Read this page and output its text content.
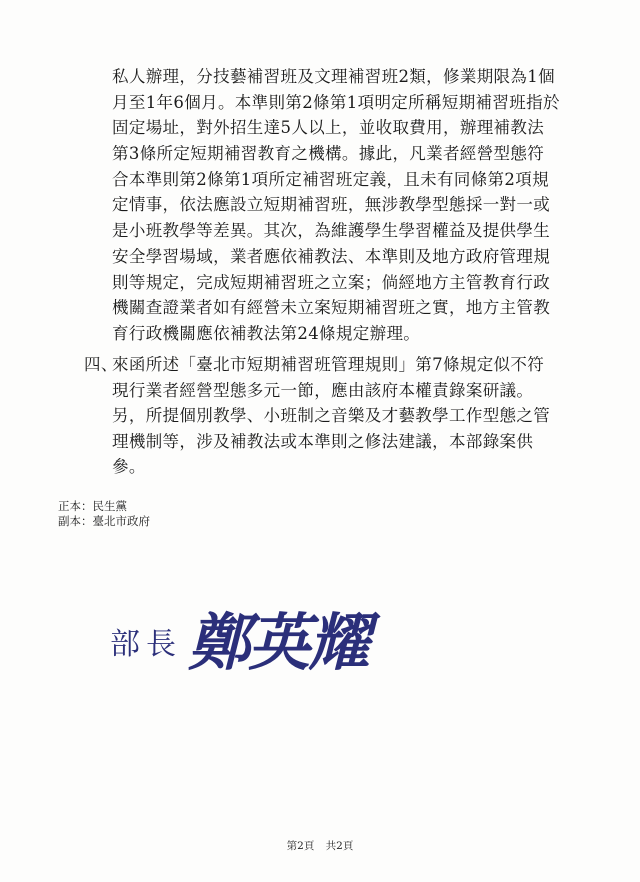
私人辦理，分技藝補習班及文理補習班2類，修業期限為1個
月至1年6個月。本準則第2條第1項明定所稱短期補習班指於
固定場址，對外招生達5人以上，並收取費用，辦理補教法
第3條所定短期補習教育之機構。據此，凡業者經營型態符
合本準則第2條第1項所定補習班定義，且未有同條第2項規
定情事，依法應設立短期補習班，無涉教學型態採一對一或
是小班教學等差異。其次，為維護學生學習權益及提供學生
安全學習場域，業者應依補教法、本準則及地方政府管理規
則等規定，完成短期補習班之立案；倘經地方主管教育行政
機關查證業者如有經營未立案短期補習班之實，地方主管教
育行政機關應依補教法第24條規定辦理。
四、來函所述「臺北市短期補習班管理規則」第7條規定似不符
現行業者經營型態多元一節，應由該府本權責錄案研議。
另，所提個別教學、小班制之音樂及才藝教學工作型態之管
理機制等，涉及補教法或本準則之修法建議，本部錄案供
參。
正本：民生黨
副本：臺北市政府
部長 鄭英耀
第2頁 共2頁
